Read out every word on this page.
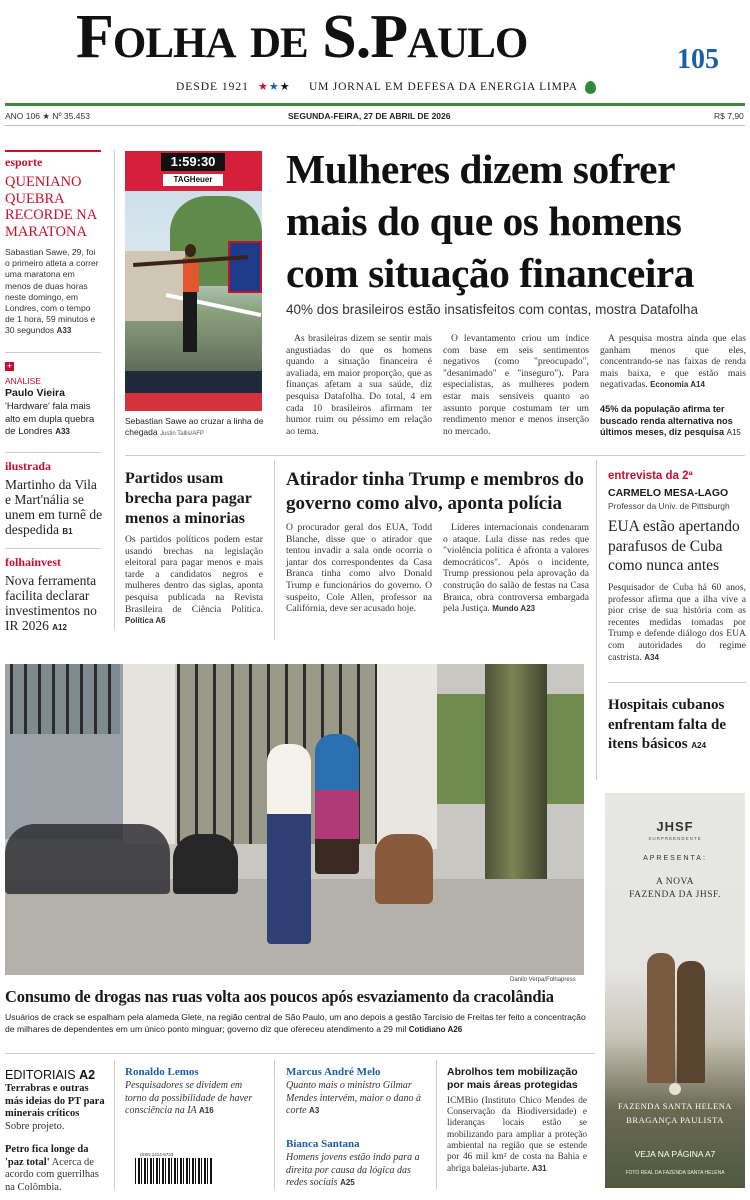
Folha de S.Paulo	105
DESDE 1921 ★★★ UM JORNAL EM DEFESA DA ENERGIA LIMPA
ANO 106 ★ Nº 35.453	SEGUNDA-FEIRA, 27 DE ABRIL DE 2026	R$ 7,90
esporte
QUENIANO QUEBRA RECORDE NA MARATONA
Sabastian Sawe, 29, foi o primeiro atleta a correr uma maratona em menos de duas horas neste domingo, em Londres, com o tempo de 1 hora, 59 minutos e 30 segundos A33
+
ANÁLISE
Paulo Vieira
'Hardware' fala mais alto em dupla quebra de Londres A33
ilustrada
Martinho da Vila e Mart'nália se unem em turnê de despedida B1
folhainvest
Nova ferramenta facilita declarar investimentos no IR 2026 A12
1:59:30
TAGHeuer
Sebastian Sawe ao cruzar a linha de chegada Justin Tallis/AFP
Mulheres dizem sofrer mais do que os homens com situação financeira
40% dos brasileiros estão insatisfeitos com contas, mostra Datafolha
As brasileiras dizem se sentir mais angustiadas do que os homens quando a situação financeira é avaliada, em maior proporção, que as finanças afetam a sua saúde, diz pesquisa Datafolha. Do total, 4 em cada 10 brasileiros afirmam ter humor ruim ou péssimo em relação ao tema.
O levantamento criou um índice com base em seis sentimentos negativos (como "preocupado", "desanimado" e "inseguro"). Para especialistas, as mulheres podem estar mais sensíveis quanto ao assunto porque costumam ter um rendimento menor e menos inserção no mercado.
A pesquisa mostra ainda que elas ganham menos que eles, concentrando-se nas faixas de renda mais baixa, e que estão mais negativadas. Economia A14
45% da população afirma ter buscado renda alternativa nos últimos meses, diz pesquisa A15
Partidos usam brecha para pagar menos a minorias
Os partidos políticos podem estar usando brechas na legislação eleitoral para pagar menos e mais tarde a candidatos negros e mulheres dentro das siglas, aponta pesquisa publicada na Revista Brasileira de Ciência Política. Política A6
Atirador tinha Trump e membros do governo como alvo, aponta polícia
O procurador geral dos EUA, Todd Blanche, disse que o atirador que tentou invadir a sala onde ocorria o jantar dos correspondentes da Casa Branca tinha como alvo Donald Trump e funcionários do governo. O suspeito, Cole Allen, professor na Califórnia, deve ser acusado hoje.
Líderes internacionais condenaram o ataque. Lula disse nas redes que "violência política é afronta a valores democráticos". Após o incidente, Trump pressionou pela aprovação da construção do salão de festas na Casa Branca, obra controversa embargada pela Justiça. Mundo A23
entrevista da 2ª
CARMELO MESA-LAGO
Professor da Univ. de Pittsburgh
EUA estão apertando parafusos de Cuba como nunca antes
Pesquisador de Cuba há 60 anos, professor afirma que a ilha vive a pior crise de sua história com as recentes medidas tomadas por Trump e defende diálogo dos EUA com autoridades do regime castrista. A34
Hospitais cubanos enfrentam falta de itens básicos A24
Danilo Verpa/Folhapress
Consumo de drogas nas ruas volta aos poucos após esvaziamento da cracolândia
Usuários de crack se espalham pela alameda Glete, na região central de São Paulo, um ano depois a gestão Tarcísio de Freitas ter feito a concentração de milhares de dependentes em um único ponto minguar; governo diz que ofereceu atendimento a 29 mil Cotidiano A26
EDITORIAIS A2
Terrabras e outras más ideias do PT para minerais críticos Sobre projeto.
Petro fica longe da 'paz total' Acerca de acordo com guerrilhas na Colômbia.
Ronaldo Lemos
Pesquisadores se dividem em torno da possibilidade de haver consciência na IA A16
ISSN 1414-5723
Marcus André Melo
Quanto mais o ministro Gilmar Mendes intervém, maior o dano à corte A3
Bianca Santana
Homens jovens estão indo para a direita por causa da lógica das redes sociais A25
Abrolhos tem mobilização por mais áreas protegidas
ICMBio (Instituto Chico Mendes de Conservação da Biodiversidade) e lideranças locais estão se mobilizando para ampliar a proteção ambiental na região que se estende por 46 mil km² de costa na Bahia e abriga baleias-jubarte. A31
JHSF
SURPREENDENTE
APRESENTA:
A NOVA
FAZENDA DA JHSF.
FAZENDA SANTA HELENA
BRAGANÇA PAULISTA
VEJA NA PÁGINA A7
FOTO REAL DA FAZENDA SANTA HELENA
